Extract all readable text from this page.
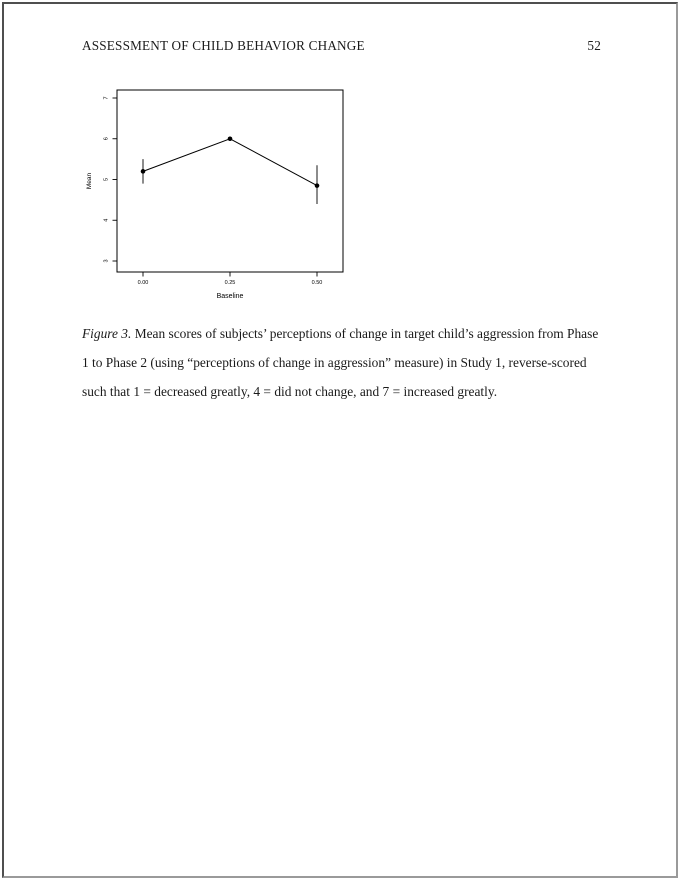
ASSESSMENT OF CHILD BEHAVIOR CHANGE	52
3
4
5
6
7
0.00	0.25	0.50
Mean
Baseline
Figure 3. Mean scores of subjects’ perceptions of change in target child’s aggression from Phase
1 to Phase 2 (using “perceptions of change in aggression” measure) in Study 1, reverse-scored
such that 1 = decreased greatly, 4 = did not change, and 7 = increased greatly.
